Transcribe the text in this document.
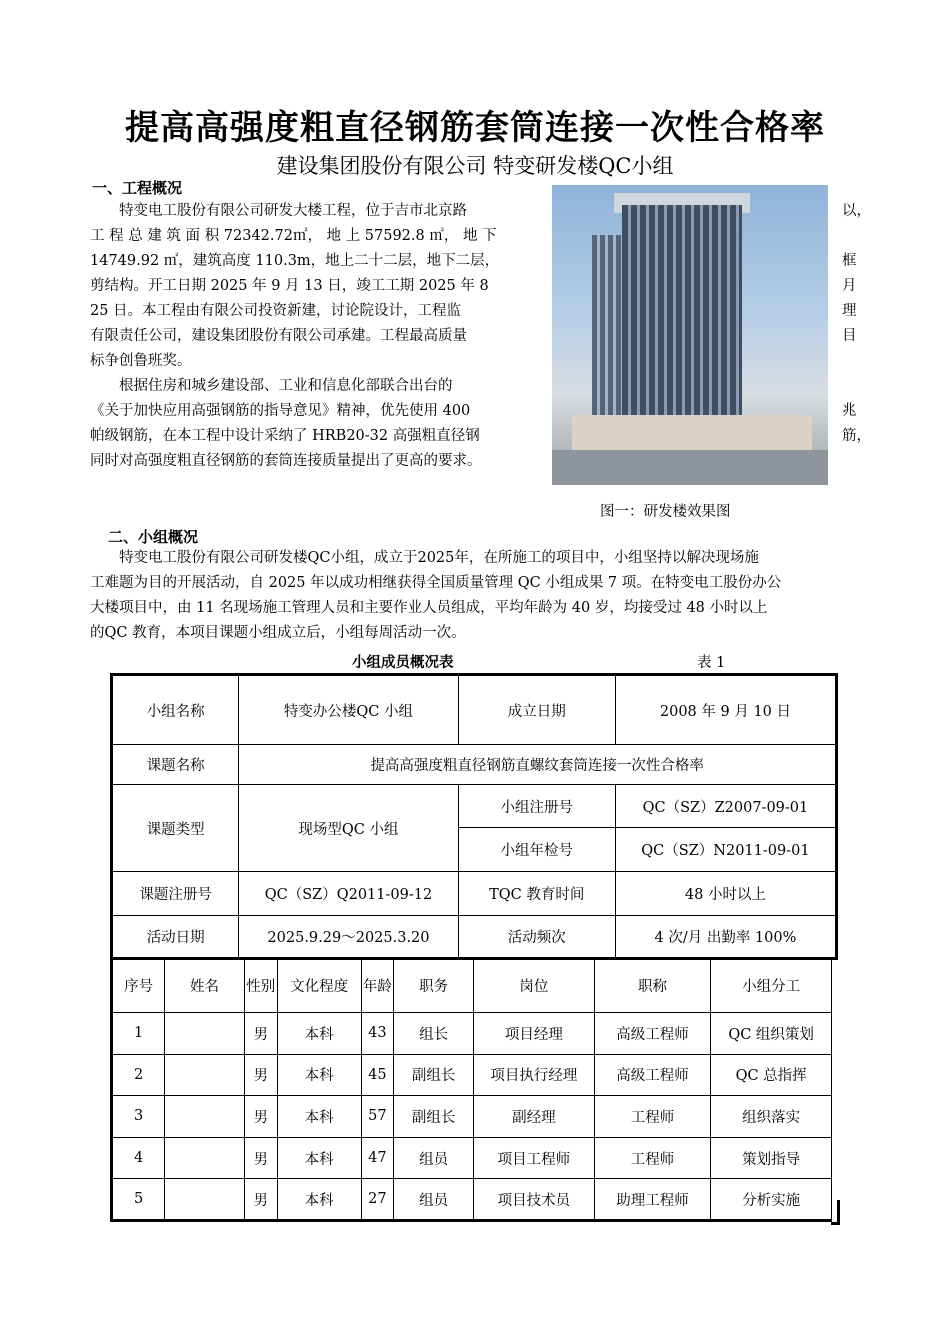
提高高强度粗直径钢筋套筒连接一次性合格率
建设集团股份有限公司 特变研发楼QC小组
一、工程概况
　　特变电工股份有限公司研发大楼工程，位于吉市北京路
工 程 总 建 筑 面 积 72342.72㎡， 地 上 57592.8 ㎡， 地 下
14749.92 ㎡，建筑高度 110.3m，地上二十二层，地下二层，
剪结构。开工日期 2025 年 9 月 13 日，竣工工期 2025 年 8
25 日。本工程由有限公司投资新建，讨论院设计，工程监
有限责任公司，建设集团股份有限公司承建。工程最高质量
标争创鲁班奖。
　　根据住房和城乡建设部、工业和信息化部联合出台的
《关于加快应用高强钢筋的指导意见》精神，优先使用 400
帕级钢筋，在本工程中设计采纳了 HRB20-32 高强粗直径钢
同时对高强度粗直径钢筋的套筒连接质量提出了更高的要求。
以，

框
月
理
目

兆
筋，
图一：研发楼效果图
二、小组概况
　　特变电工股份有限公司研发楼QC小组，成立于2025年，在所施工的项目中，小组坚持以解决现场施
工难题为目的开展活动，自 2025 年以成功相继获得全国质量管理 QC 小组成果 7 项。在特变电工股份办公
大楼项目中，由 11 名现场施工管理人员和主要作业人员组成，平均年龄为 40 岁，均接受过 48 小时以上
的QC 教育，本项目课题小组成立后，小组每周活动一次。
小组成员概况表	表 1
小组名称	特变办公楼QC 小组	成立日期	2008 年 9 月 10 日
课题名称	提高高强度粗直径钢筋直螺纹套筒连接一次性合格率		
课题类型	现场型QC 小组	小组注册号	QC（SZ）Z2007-09-01
		小组年检号	QC（SZ）N2011-09-01
课题注册号	QC（SZ）Q2011-09-12	TQC 教育时间	48 小时以上
活动日期	2025.9.29～2025.3.20	活动频次	4 次/月 出勤率 100%
序号	姓名	性别	文化程度	年龄	职务	岗位	职称	小组分工
1		男	本科	43	组长	项目经理	高级工程师	QC 组织策划
2		男	本科	45	副组长	项目执行经理	高级工程师	QC 总指挥
3		男	本科	57	副组长	副经理	工程师	组织落实
4		男	本科	47	组员	项目工程师	工程师	策划指导
5		男	本科	27	组员	项目技术员	助理工程师	分析实施
